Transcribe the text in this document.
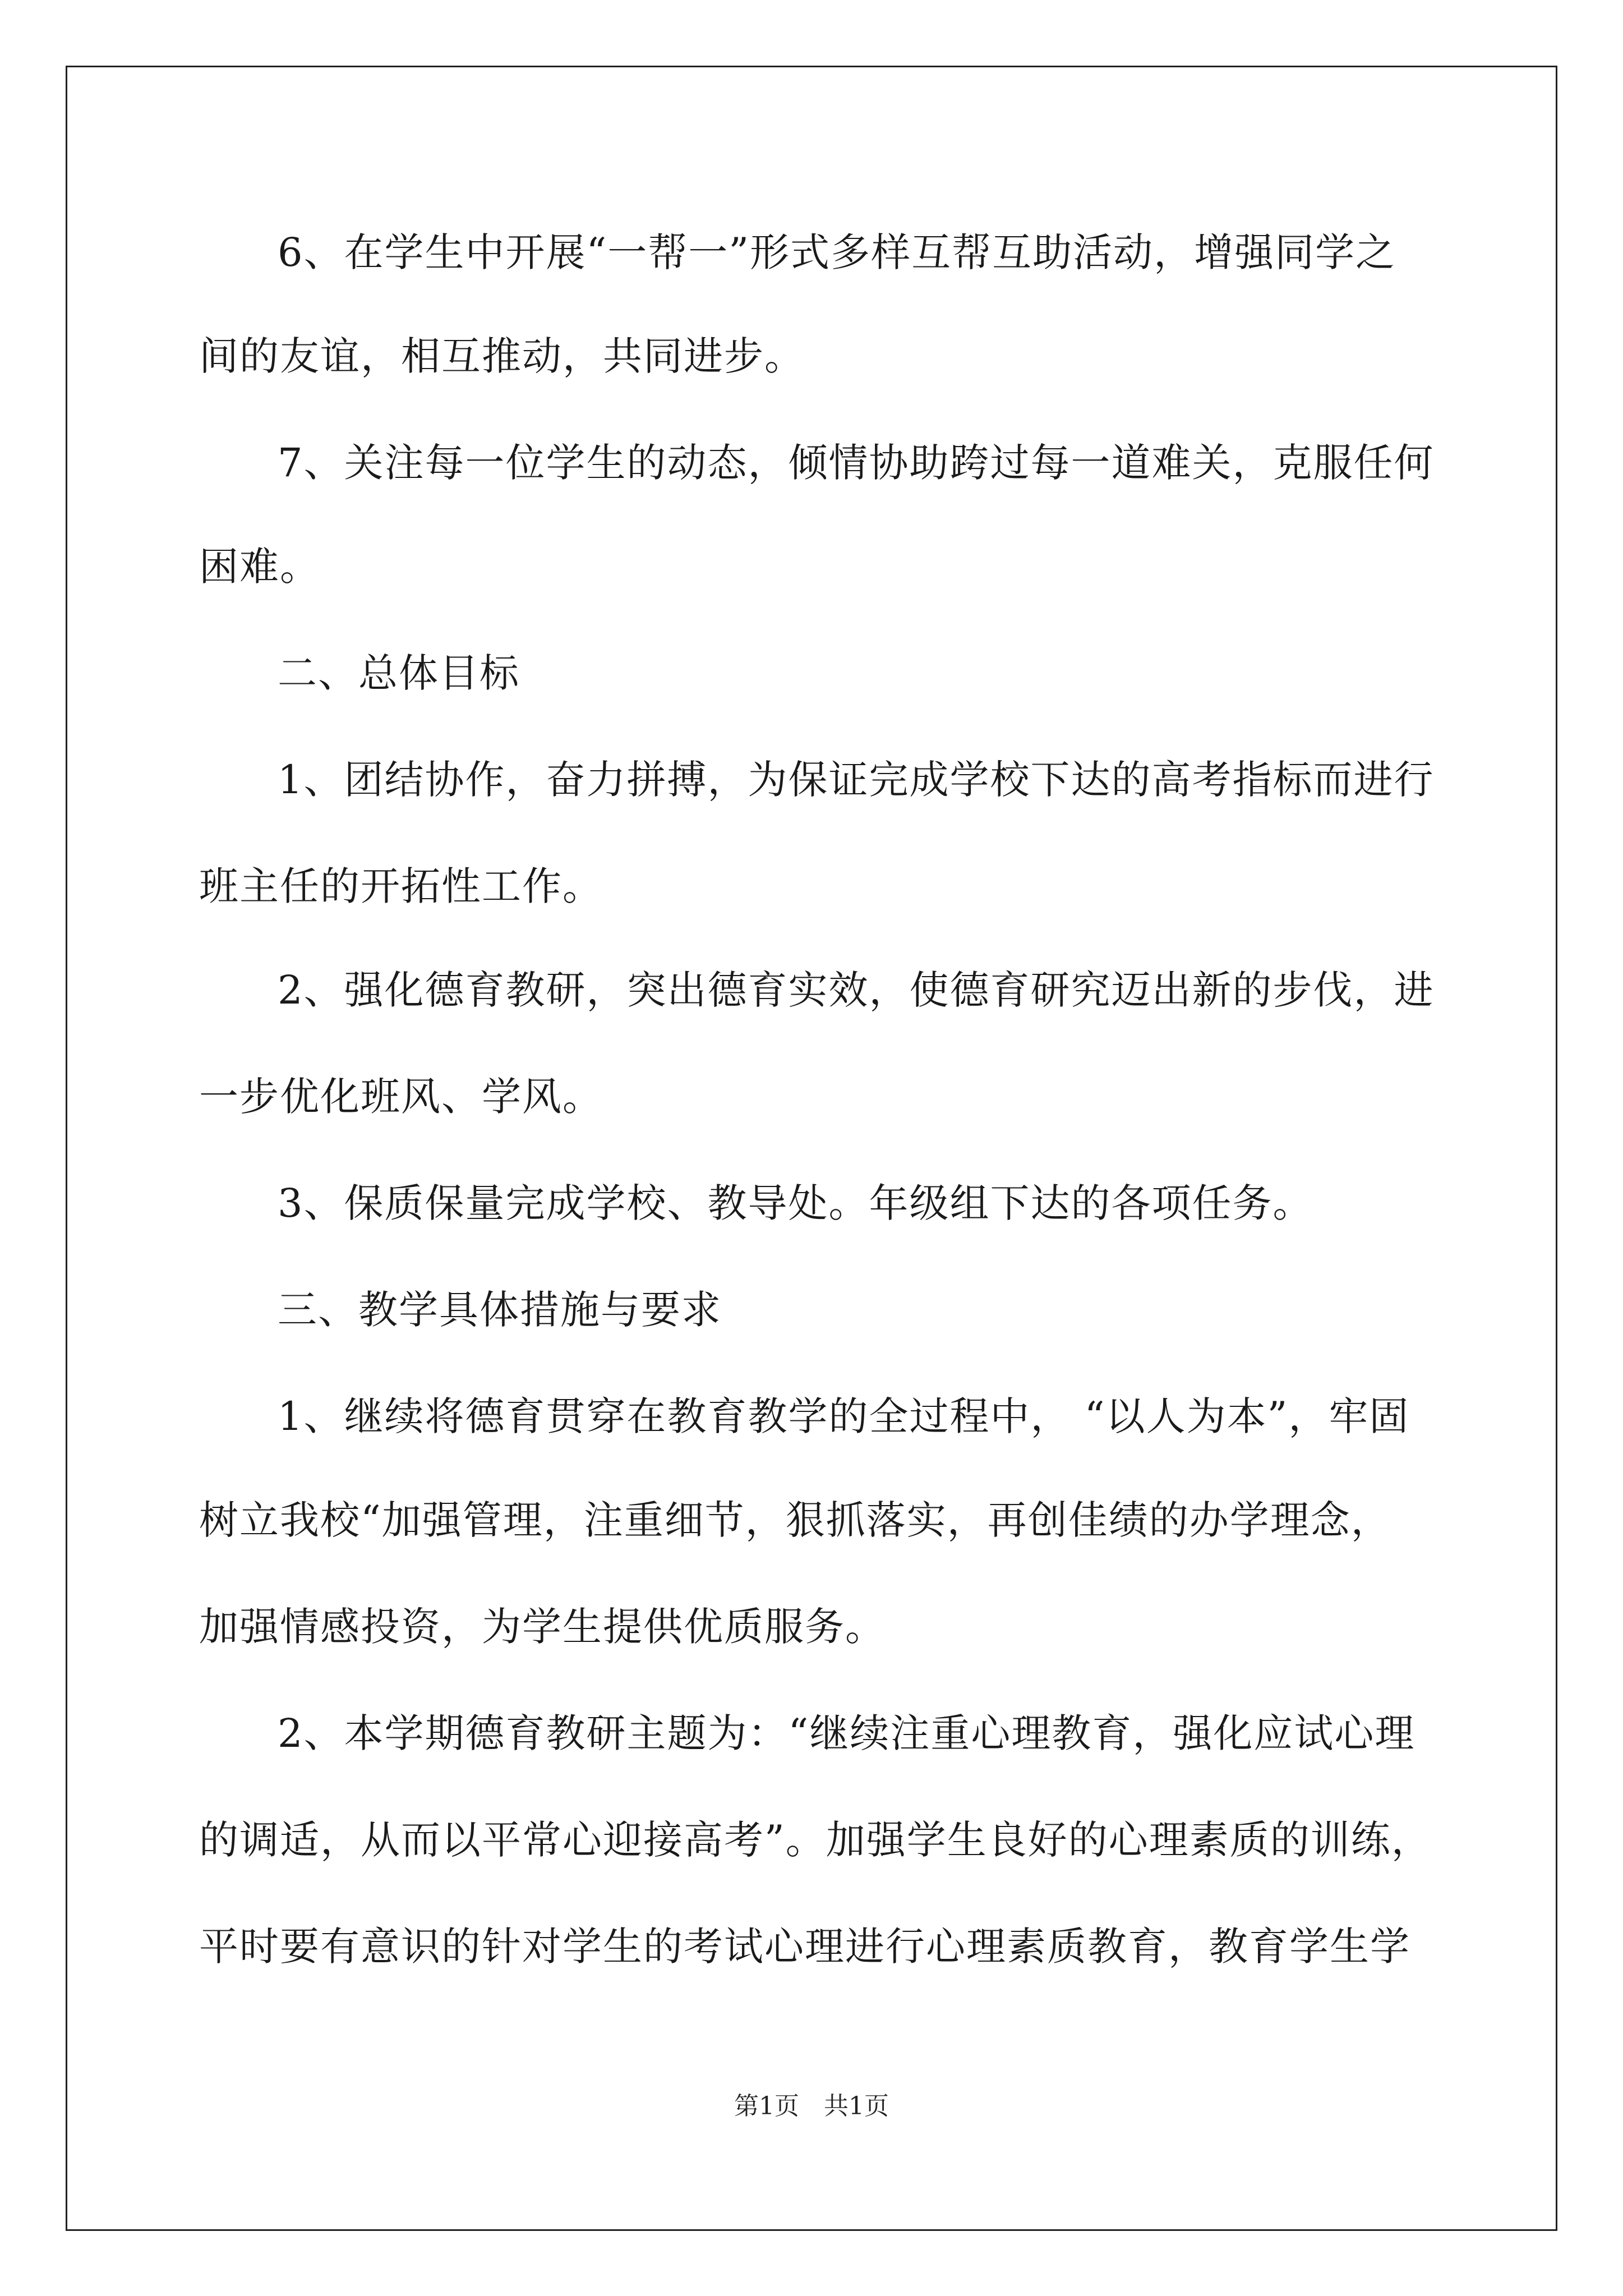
6、在学生中开展“一帮一”形式多样互帮互助活动，增强同学之
间的友谊，相互推动，共同进步。
7、关注每一位学生的动态，倾情协助跨过每一道难关，克服任何
困难。
二、总体目标
1、团结协作，奋力拼搏，为保证完成学校下达的高考指标而进行
班主任的开拓性工作。
2、强化德育教研，突出德育实效，使德育研究迈出新的步伐，进
一步优化班风、学风。
3、保质保量完成学校、教导处。年级组下达的各项任务。
三、教学具体措施与要求
1、继续将德育贯穿在教育教学的全过程中， “以人为本”，牢固
树立我校“加强管理，注重细节，狠抓落实，再创佳绩的办学理念，
加强情感投资，为学生提供优质服务。
2、本学期德育教研主题为：“继续注重心理教育，强化应试心理
的调适，从而以平常心迎接高考”。加强学生良好的心理素质的训练，
平时要有意识的针对学生的考试心理进行心理素质教育，教育学生学
第1页　共1页
